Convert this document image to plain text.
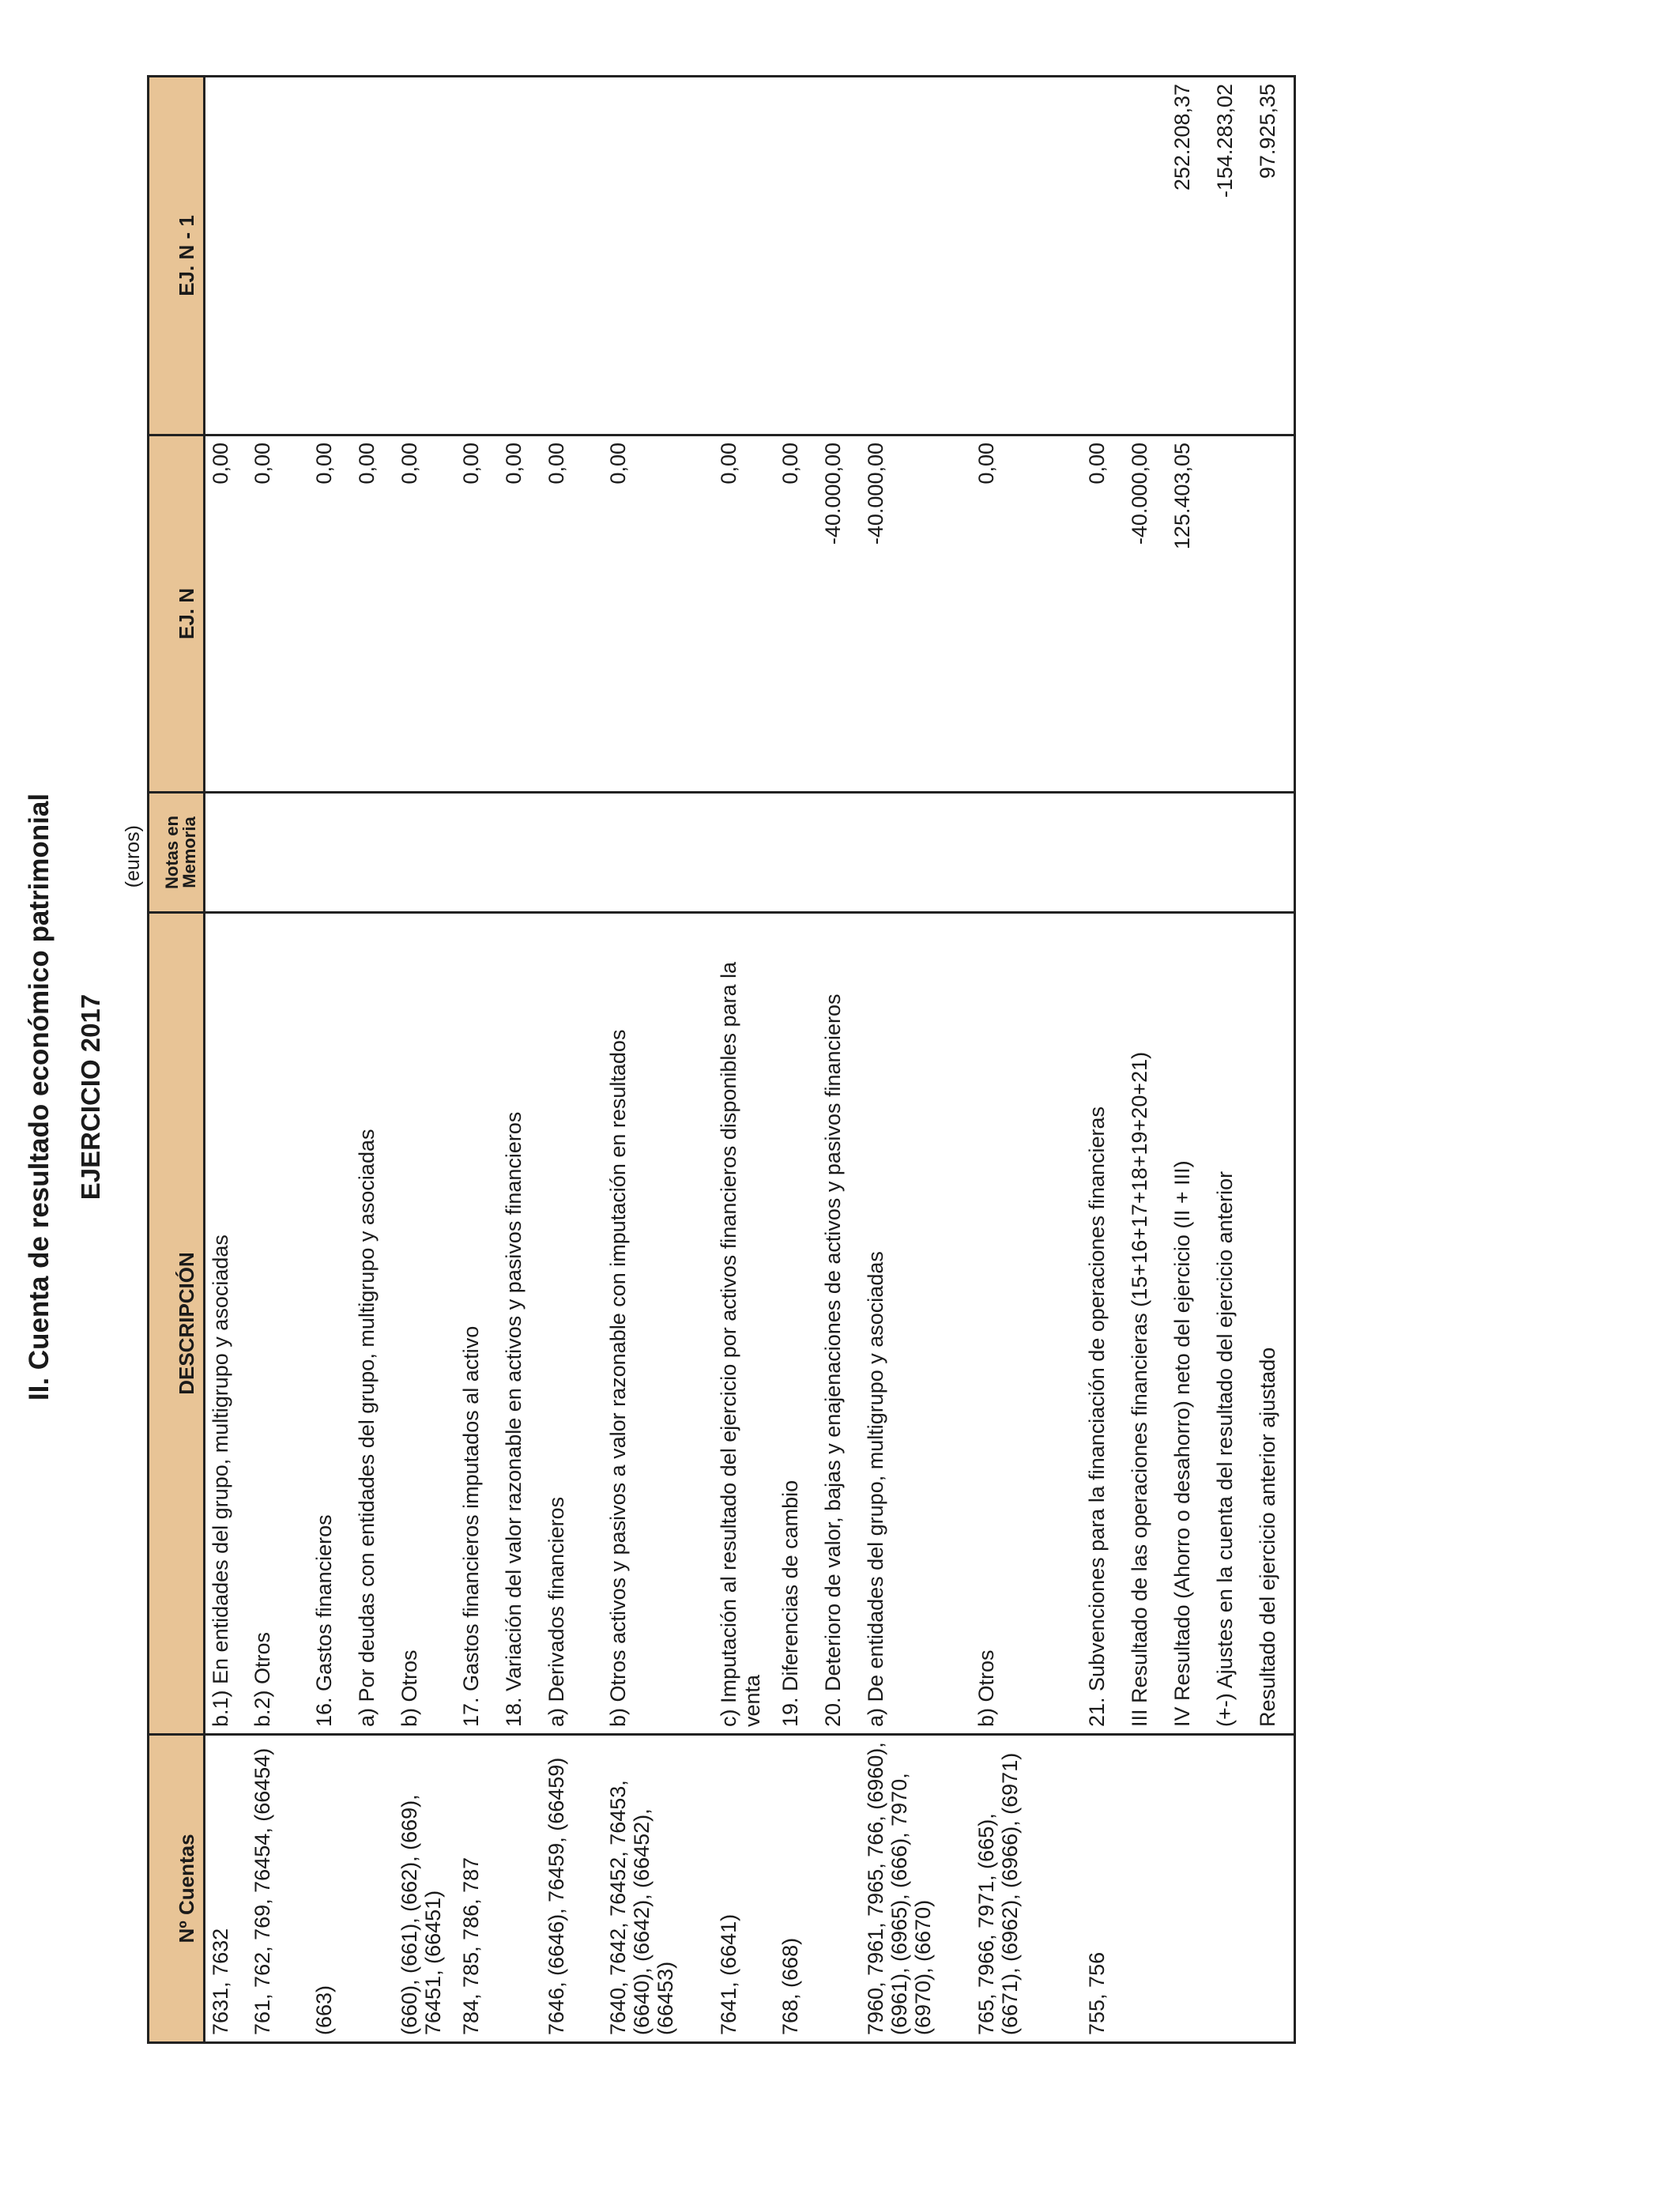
II. Cuenta de resultado económico patrimonial EJERCICIO 2017
(euros)
Nº Cuentas	DESCRIPCIÓN	Notas en Memoria	EJ. N	EJ. N - 1
7631, 7632	b.1) En entidades del grupo, multigrupo y asociadas		0,00	
761, 762, 769, 76454, (66454)	b.2) Otros		0,00	
(663)	16. Gastos financieros		0,00	
	a) Por deudas con entidades del grupo, multigrupo y asociadas		0,00	
(660), (661), (662), (669), 76451, (66451)	b) Otros		0,00	
784, 785, 786, 787	17. Gastos financieros imputados al activo		0,00	
	18. Variación del valor razonable en activos y pasivos financieros		0,00	
7646, (6646), 76459, (66459)	a) Derivados financieros		0,00	
7640, 7642, 76452, 76453, (6640), (6642), (66452), (66453)	b) Otros activos y pasivos a valor razonable con imputación en resultados		0,00	
7641, (6641)	c) Imputación al resultado del ejercicio por activos financieros disponibles para la venta		0,00	
768, (668)	19. Diferencias de cambio		0,00	
	20. Deterioro de valor, bajas y enajenaciones de activos y pasivos financieros		-40.000,00	
7960, 7961, 7965, 766, (6960), (6961), (6965), (666), 7970, (6970), (6670)	a) De entidades del grupo, multigrupo y asociadas		-40.000,00	
765, 7966, 7971, (665), (6671), (6962), (6966), (6971)	b) Otros		0,00	
755, 756	21. Subvenciones para la financiación de operaciones financieras		0,00	
	III Resultado de las operaciones financieras (15+16+17+18+19+20+21)		-40.000,00	
	IV Resultado (Ahorro o desahorro) neto del ejercicio (II + III)		125.403,05	252.208,37
	(+-) Ajustes en la cuenta del resultado del ejercicio anterior			-154.283,02
	Resultado del ejercicio anterior ajustado			97.925,35
